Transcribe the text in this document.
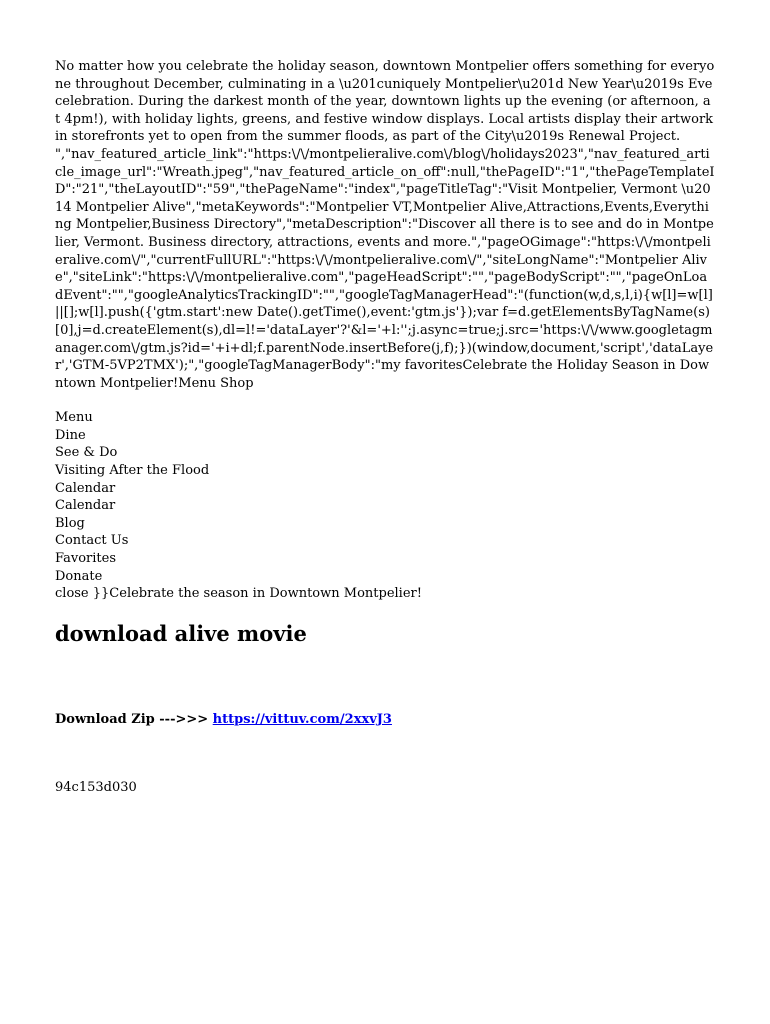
No matter how you celebrate the holiday season, downtown Montpelier offers something for everyone throughout December, culminating in a \u201cuniquely Montpelier\u201d New Year\u2019s Eve celebration. During the darkest month of the year, downtown lights up the evening (or afternoon, at 4pm!), with holiday lights, greens, and festive window displays. Local artists display their artwork in storefronts yet to open from the summer floods, as part of the City\u2019s Renewal Project.

","nav_featured_article_link":"https:\/\/montpelieralive.com\/blog\/holidays2023","nav_featured_article_image_url":"Wreath.jpeg","nav_featured_article_on_off":null,"thePageID":"1","thePageTemplateID":"21","theLayoutID":"59","thePageName":"index","pageTitleTag":"Visit Montpelier, Vermont \u2014 Montpelier Alive","metaKeywords":"Montpelier VT,Montpelier Alive,Attractions,Events,Everything Montpelier,Business Directory","metaDescription":"Discover all there is to see and do in Montpelier, Vermont. Business directory, attractions, events and more.","pageOGimage":"https:\/\/montpelieralive.com\/","currentFullURL":"https:\/\/montpelieralive.com\/","siteLongName":"Montpelier Alive","siteLink":"https:\/\/montpelieralive.com","pageHeadScript":"","pageBodyScript":"","pageOnLoadEvent":"","googleAnalyticsTrackingID":"","googleTagManagerHead":"(function(w,d,s,l,i){w[l]=w[l]||[];w[l].push({'gtm.start':new Date().getTime(),event:'gtm.js'});var f=d.getElementsByTagName(s)[0],j=d.createElement(s),dl=l!='dataLayer'?'&l='+l:'';j.async=true;j.src='https:\/\/www.googletagmanager.com\/gtm.js?id='+i+dl;f.parentNode.insertBefore(j,f);})(window,document,'script','dataLayer','GTM-5VP2TMX');","googleTagManagerBody":"my favoritesCelebrate the Holiday Season in Downtown Montpelier!Menu Shop

Menu
Dine
See & Do
Visiting After the Flood
Calendar
Calendar
Blog
Contact Us
Favorites
Donate
close }}Celebrate the season in Downtown Montpelier!
download alive movie

Download Zip --->>> https://vittuv.com/2xxvJ3

94c153d030
